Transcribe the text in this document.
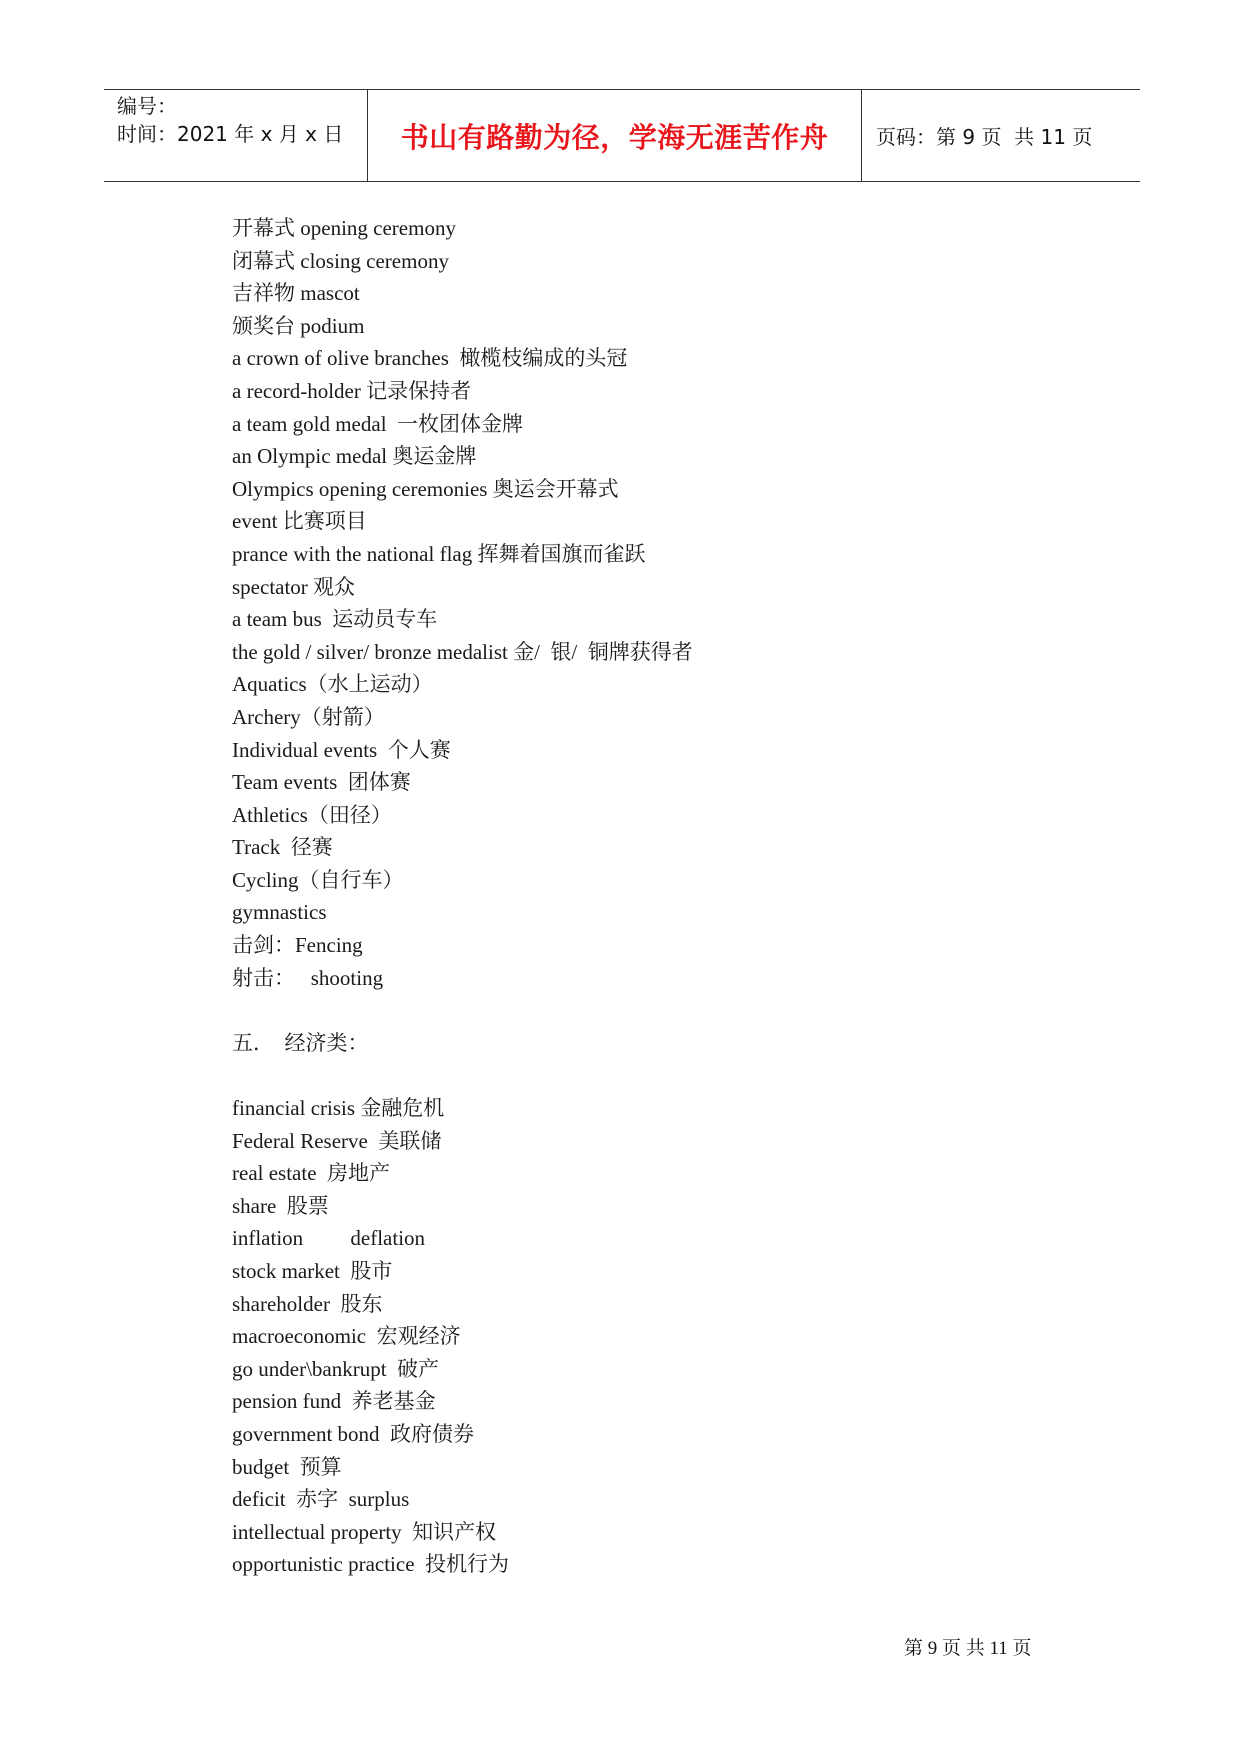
编号：
时间：2021 年 x 月 x 日	书山有路勤为径，学海无涯苦作舟	页码：第 9 页  共 11 页
开幕式 opening ceremony
闭幕式 closing ceremony
吉祥物 mascot
颁奖台 podium
a crown of olive branches  橄榄枝编成的头冠
a record-holder 记录保持者
a team gold medal  一枚团体金牌
an Olympic medal 奥运金牌
Olympics opening ceremonies 奥运会开幕式
event 比赛项目
prance with the national flag 挥舞着国旗而雀跃
spectator 观众
a team bus  运动员专车
the gold / silver/ bronze medalist 金/  银/  铜牌获得者
Aquatics（水上运动）
Archery（射箭）
Individual events  个人赛
Team events  团体赛
Athletics（田径）
Track  径赛
Cycling（自行车）
gymnastics
击剑：Fencing
射击：   shooting
五．  经济类：
financial crisis 金融危机
Federal Reserve  美联储
real estate  房地产
share  股票
inflation         deflation
stock market  股市
shareholder  股东
macroeconomic  宏观经济
go under\bankrupt  破产
pension fund  养老基金
government bond  政府债券
budget  预算
deficit  赤字  surplus
intellectual property  知识产权
opportunistic practice  投机行为
第 9 页 共 11 页
